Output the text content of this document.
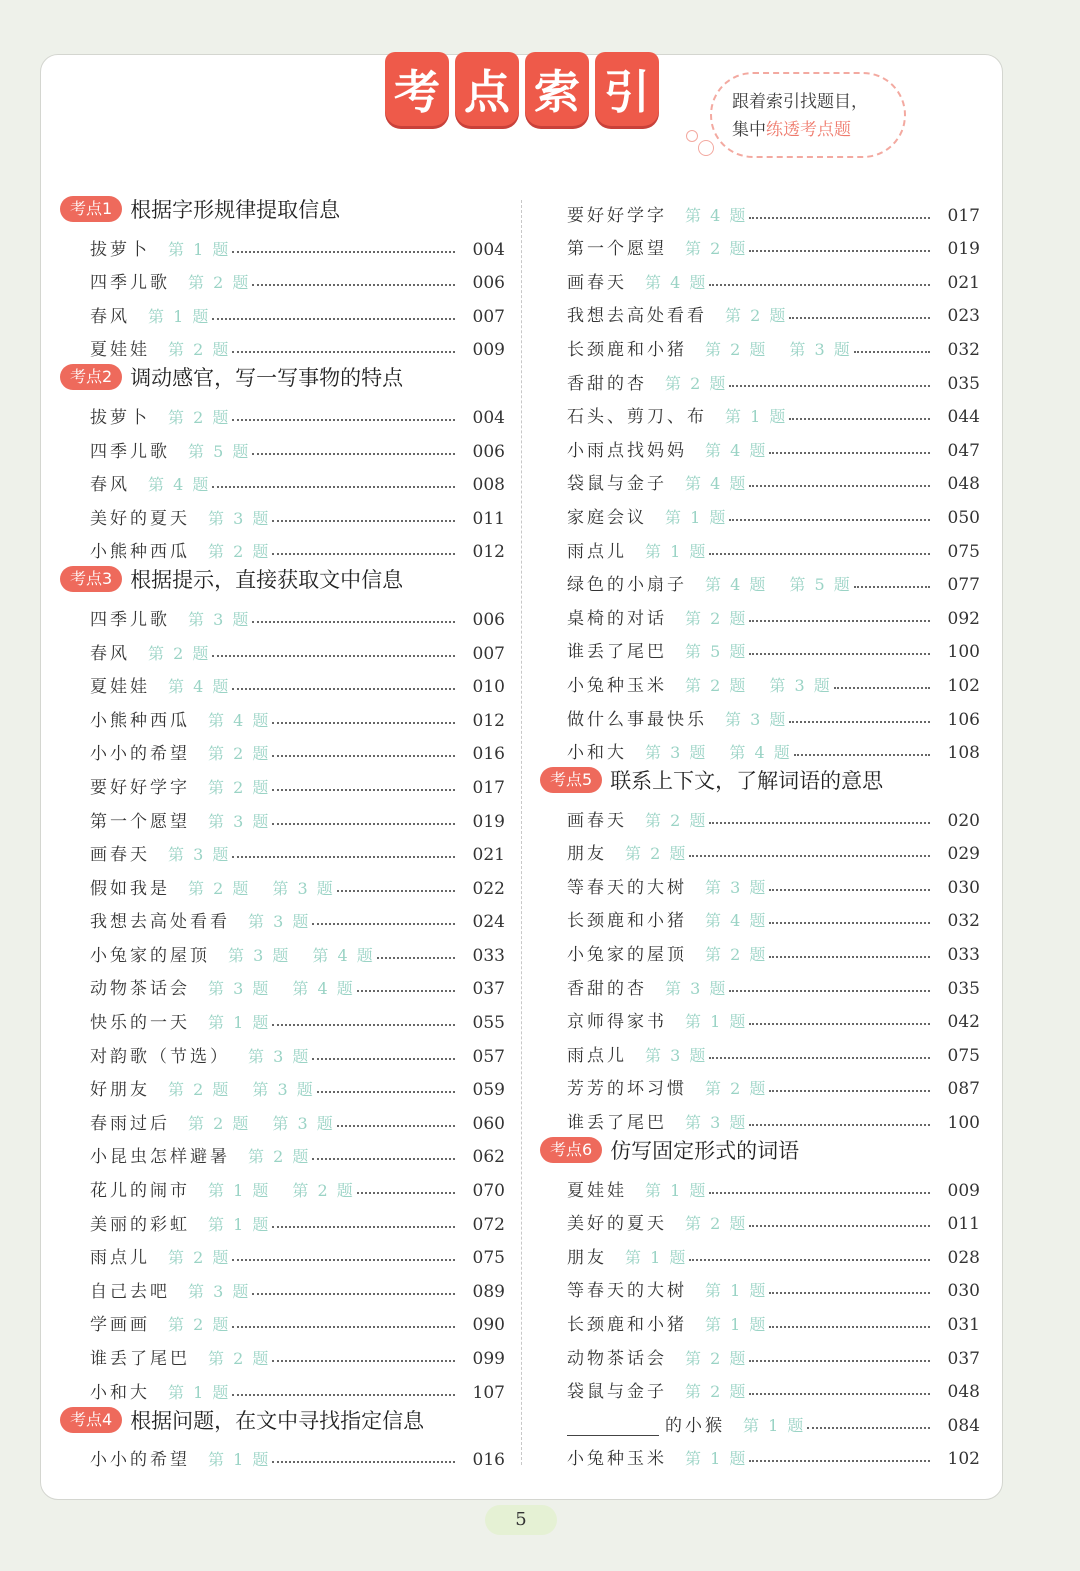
考 点 索 引	跟着索引找题目，
集中练透考点题
考点1 根据字形规律提取信息
拔萝卜 第 1 题	004
四季儿歌 第 2 题	006
春风 第 1 题	007
夏娃娃 第 2 题	009
考点2 调动感官，写一写事物的特点
拔萝卜 第 2 题	004
四季儿歌 第 5 题	006
春风 第 4 题	008
美好的夏天 第 3 题	011
小熊种西瓜 第 2 题	012
考点3 根据提示，直接获取文中信息
四季儿歌 第 3 题	006
春风 第 2 题	007
夏娃娃 第 4 题	010
小熊种西瓜 第 4 题	012
小小的希望 第 2 题	016
要好好学字 第 2 题	017
第一个愿望 第 3 题	019
画春天 第 3 题	021
假如我是 第 2 题 第 3 题	022
我想去高处看看 第 3 题	024
小兔家的屋顶 第 3 题 第 4 题	033
动物茶话会 第 3 题 第 4 题	037
快乐的一天 第 1 题	055
对韵歌（节选） 第 3 题	057
好朋友 第 2 题 第 3 题	059
春雨过后 第 2 题 第 3 题	060
小昆虫怎样避暑 第 2 题	062
花儿的闹市 第 1 题 第 2 题	070
美丽的彩虹 第 1 题	072
雨点儿 第 2 题	075
自己去吧 第 3 题	089
学画画 第 2 题	090
谁丢了尾巴 第 2 题	099
小和大 第 1 题	107
考点4 根据问题，在文中寻找指定信息
小小的希望 第 1 题	016
要好好学字 第 4 题	017
第一个愿望 第 2 题	019
画春天 第 4 题	021
我想去高处看看 第 2 题	023
长颈鹿和小猪 第 2 题 第 3 题	032
香甜的杏 第 2 题	035
石头、剪刀、布 第 1 题	044
小雨点找妈妈 第 4 题	047
袋鼠与金子 第 4 题	048
家庭会议 第 1 题	050
雨点儿 第 1 题	075
绿色的小扇子 第 4 题 第 5 题	077
桌椅的对话 第 2 题	092
谁丢了尾巴 第 5 题	100
小兔种玉米 第 2 题 第 3 题	102
做什么事最快乐 第 3 题	106
小和大 第 3 题 第 4 题	108
考点5 联系上下文，了解词语的意思
画春天 第 2 题	020
朋友 第 2 题	029
等春天的大树 第 3 题	030
长颈鹿和小猪 第 4 题	032
小兔家的屋顶 第 2 题	033
香甜的杏 第 3 题	035
京师得家书 第 1 题	042
雨点儿 第 3 题	075
芳芳的坏习惯 第 2 题	087
谁丢了尾巴 第 3 题	100
考点6 仿写固定形式的词语
夏娃娃 第 1 题	009
美好的夏天 第 2 题	011
朋友 第 1 题	028
等春天的大树 第 1 题	030
长颈鹿和小猪 第 1 题	031
动物茶话会 第 2 题	037
袋鼠与金子 第 2 题	048
的小猴 第 1 题	084
小兔种玉米 第 1 题	102
5
